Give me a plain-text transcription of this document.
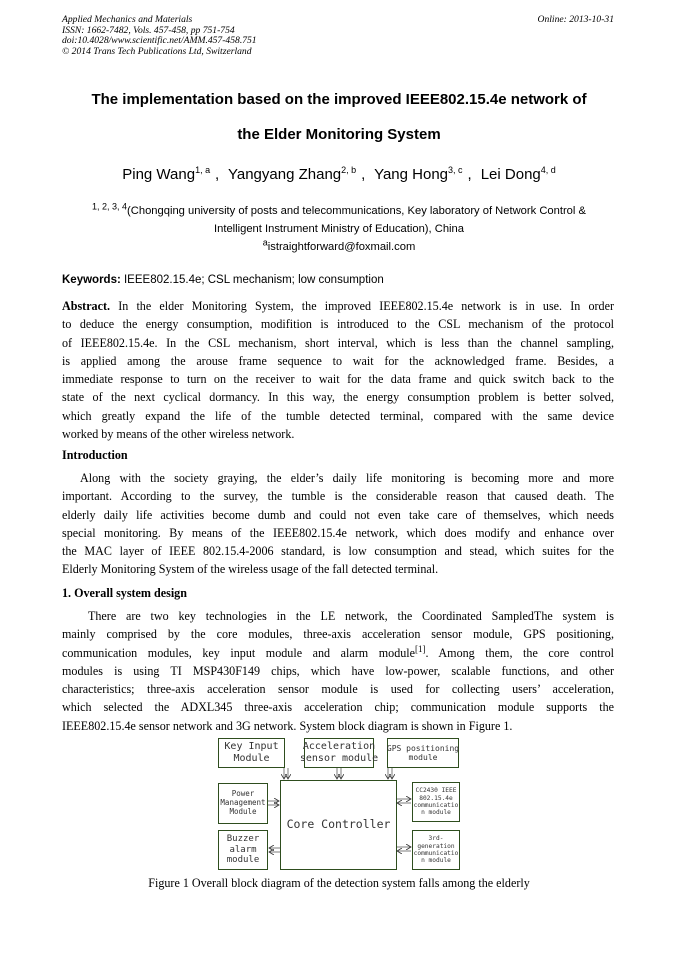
Applied Mechanics and Materials
ISSN: 1662-7482, Vols. 457-458, pp 751-754
doi:10.4028/www.scientific.net/AMM.457-458.751
© 2014 Trans Tech Publications Ltd, Switzerland
Online: 2013-10-31
The implementation based on the improved IEEE802.15.4e network of
the Elder Monitoring System
Ping Wang$^{1, a}$ , Yangyang Zhang$^{2, b}$ , Yang Hong$^{3, c}$ , Lei Dong$^{4, d}$
$^{1, 2, 3, 4}$(Chongqing university of posts and telecommunications, Key laboratory of Network Control &
Intelligent Instrument Ministry of Education), China
$^a$istraightforward@foxmail.com
Keywords: IEEE802.15.4e; CSL mechanism; low consumption
Abstract. In the elder Monitoring System, the improved IEEE802.15.4e network is in use. In order
to deduce the energy consumption, modifition is introduced to the CSL mechanism of the protocol
of IEEE802.15.4e. In the CSL mechanism, short interval, which is less than the channel sampling,
is applied among the arouse frame sequence to wait for the acknowledged frame. Besides, a
immediate response to turn on the receiver to wait for the data frame and quick switch back to the
state of the next cyclical dormancy. In this way, the energy consumption problem is better solved,
which greatly expand the life of the tumble detected terminal, compared with the same device
worked by means of the other wireless network.
Introduction
Along with the society graying, the elder’s daily life monitoring is becoming more and more
important. According to the survey, the tumble is the considerable reason that caused death. The
elderly daily life activities become dumb and could not even take care of themselves, which needs
special monitoring. By means of the IEEE802.15.4e network, which does modify and enhance over
the MAC layer of IEEE 802.15.4-2006 standard, is low consumption and stead, which suites for the
Elderly Monitoring System of the wireless usage of the fall detected terminal.
1. Overall system design
There are two key technologies in the LE network, the Coordinated SampledThe system is
mainly comprised by the core modules, three-axis acceleration sensor module, GPS positioning,
communication modules, key input module and alarm module[1]. Among them, the core control
modules is using TI MSP430F149 chips, which have low-power, scalable functions, and other
characteristics; three-axis acceleration sensor module is used for collecting users’ acceleration,
which selected the ADXL345 three-axis acceleration chip; communication module supports the
IEEE802.15.4e sensor network and 3G network. System block diagram is shown in Figure 1.
Key Input
Module
Acceleration
sensor module
GPS positioning
module
Power
Management
Module
Core Controller
CC2430 IEEE
802.15.4e
communicatio
n module
Buzzer
alarm
module
3rd-
generation
communicatio
n module
Figure 1 Overall block diagram of the detection system falls among the elderly
